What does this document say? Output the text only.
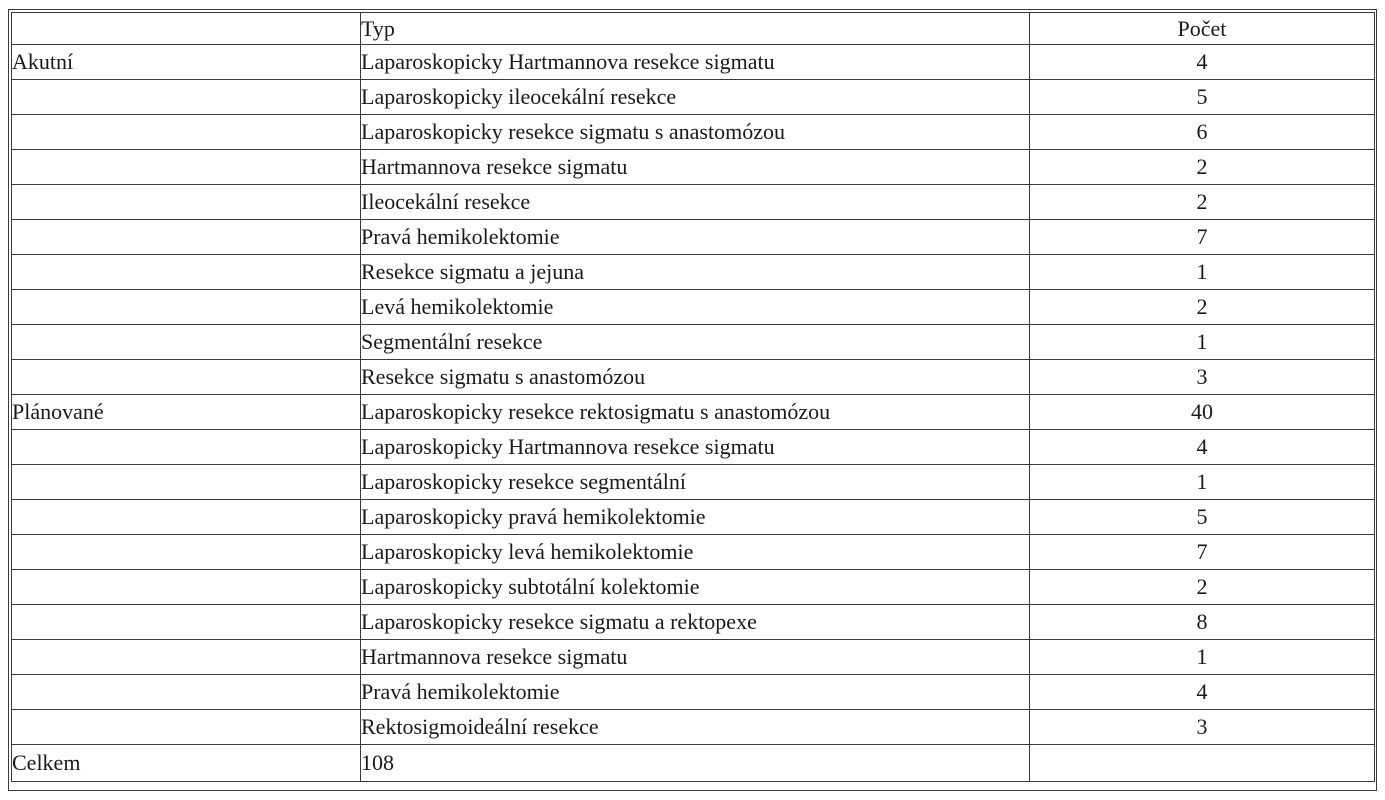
	Typ	Počet
Akutní	Laparoskopicky Hartmannova resekce sigmatu	4
	Laparoskopicky ileocekální resekce	5
	Laparoskopicky resekce sigmatu s anastomózou	6
	Hartmannova resekce sigmatu	2
	Ileocekální resekce	2
	Pravá hemikolektomie	7
	Resekce sigmatu a jejuna	1
	Levá hemikolektomie	2
	Segmentální resekce	1
	Resekce sigmatu s anastomózou	3
Plánované	Laparoskopicky resekce rektosigmatu s anastomózou	40
	Laparoskopicky Hartmannova resekce sigmatu	4
	Laparoskopicky resekce segmentální	1
	Laparoskopicky pravá hemikolektomie	5
	Laparoskopicky levá hemikolektomie	7
	Laparoskopicky subtotální kolektomie	2
	Laparoskopicky resekce sigmatu a rektopexe	8
	Hartmannova resekce sigmatu	1
	Pravá hemikolektomie	4
	Rektosigmoideální resekce	3
Celkem	108	
